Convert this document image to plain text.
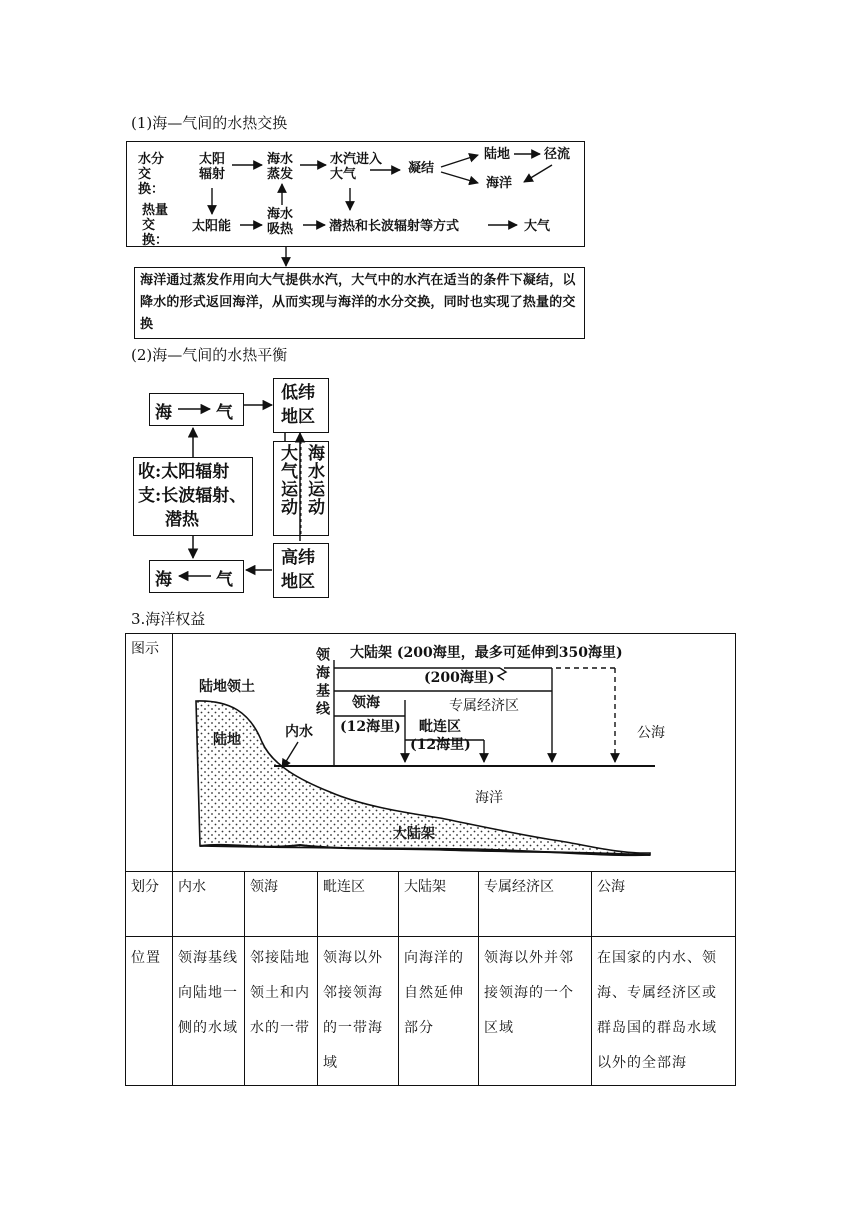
(1)海—气间的水热交换
水分交换：
太阳辐射
海水蒸发
水汽进入大气	凝结
陆地	径流
海洋
热量交换：
太阳能
海水吸热	潜热和长波辐射等方式	大气
海洋通过蒸发作用向大气提供水汽，大气中的水汽在适当的条件下凝结，以降水的形式返回海洋，从而实现与海洋的水分交换，同时也实现了热量的交换
(2)海—气间的水热平衡
海	气
低纬地区
收:太阳辐射
支:长波辐射、
潜热
大气运动 海水运动
高纬地区
海	气
3.海洋权益
图示						
划分	内水	领海	毗连区	大陆架	专属经济区	公海
位置	领海基线向陆地一侧的水域	邻接陆地领土和内水的一带	领海以外邻接领海的一带海域	向海洋的自然延伸部分	领海以外并邻接领海的一个区域	在国家的内水、领海、专属经济区或群岛国的群岛水域以外的全部海
陆地领土
内水
领海基线 大陆架 (200海里，最多可延伸到350海里)
(200海里)
领海	专属经济区
(12海里) 毗连区
(12海里)
公海
海洋
